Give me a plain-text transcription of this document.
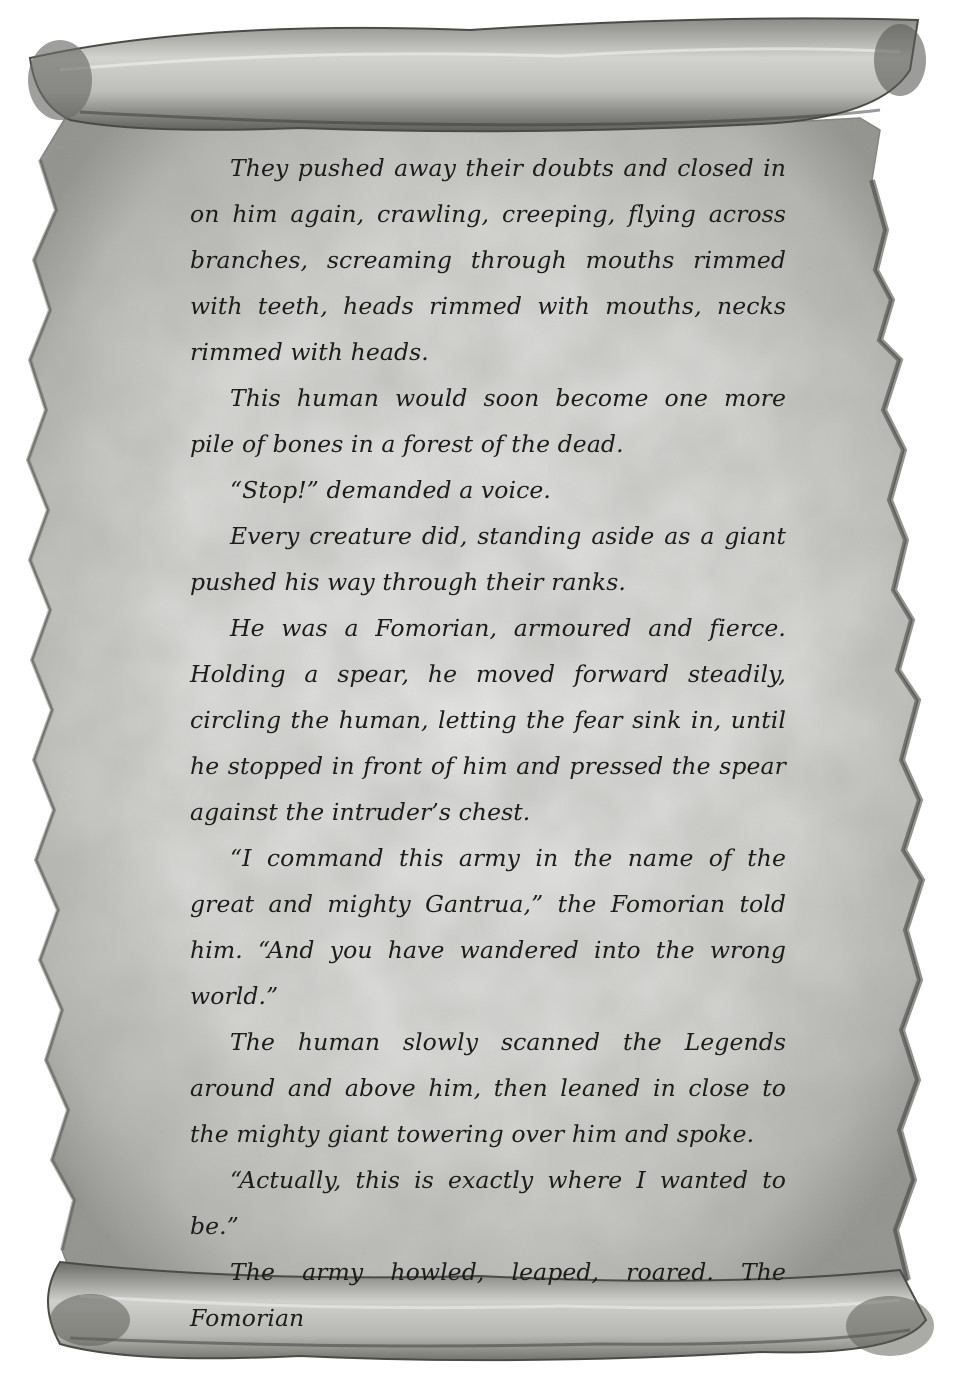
They pushed away their doubts and closed in on him again, crawling, creeping, flying across branches, screaming through mouths rimmed with teeth, heads rimmed with mouths, necks rimmed with heads.

This human would soon become one more pile of bones in a forest of the dead.

“Stop!” demanded a voice.

Every creature did, standing aside as a giant pushed his way through their ranks.

He was a Fomorian, armoured and fierce. Holding a spear, he moved forward steadily, circling the human, letting the fear sink in, until he stopped in front of him and pressed the spear against the intruder’s chest.

“I command this army in the name of the great and mighty Gantrua,” the Fomorian told him. “And you have wandered into the wrong world.”

The human slowly scanned the Legends around and above him, then leaned in close to the mighty giant towering over him and spoke.

“Actually, this is exactly where I wanted to be.”

The army howled, leaped, roared. The Fomorian
